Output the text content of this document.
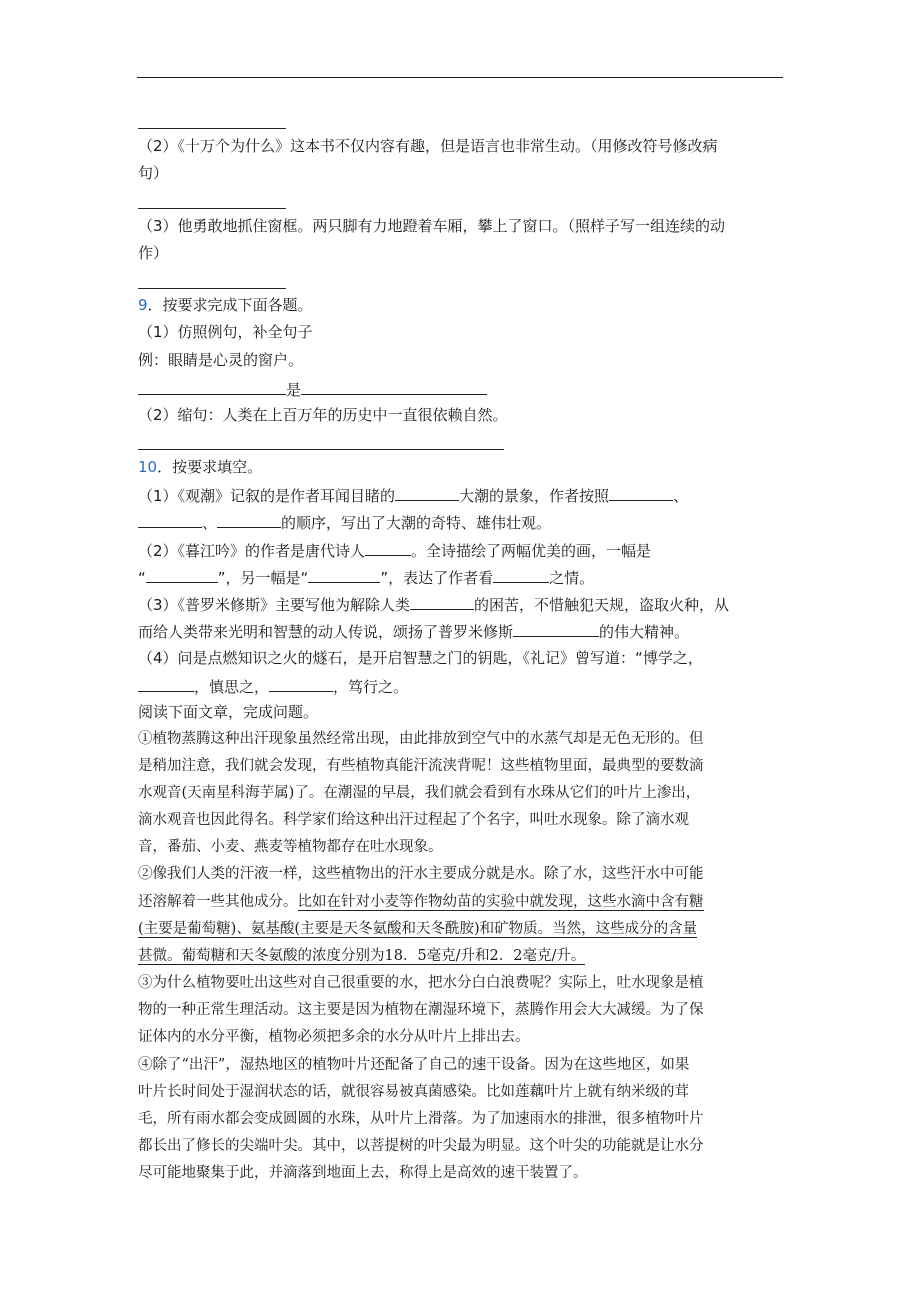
（2）《十万个为什么》这本书不仅内容有趣，但是语言也非常生动。（用修改符号修改病
句）
（3）他勇敢地抓住窗框。两只脚有力地蹬着车厢，攀上了窗口。（照样子写一组连续的动
作）
9．按要求完成下面各题。
（1）仿照例句，补全句子
例：眼睛是心灵的窗户。
是
（2）缩句：人类在上百万年的历史中一直很依赖自然。
10．按要求填空。
（1）《观潮》记叙的是作者耳闻目睹的	大潮的景象，作者按照	、
、	的顺序，写出了大潮的奇特、雄伟壮观。
（2）《暮江吟》的作者是唐代诗人	。全诗描绘了两幅优美的画，一幅是
“	”，另一幅是“	”，表达了作者看	之情。
（3）《普罗米修斯》主要写他为解除人类	的困苦，不惜触犯天规，盗取火种，从
而给人类带来光明和智慧的动人传说，颂扬了普罗米修斯	的伟大精神。
（4）问是点燃知识之火的燧石，是开启智慧之门的钥匙，《礼记》曾写道：“博学之，
，慎思之，	，笃行之。
阅读下面文章，完成问题。
①植物蒸腾这种出汗现象虽然经常出现，由此排放到空气中的水蒸气却是无色无形的。但
是稍加注意，我们就会发现，有些植物真能汗流浃背呢！这些植物里面，最典型的要数滴
水观音(天南星科海芋属)了。在潮湿的早晨，我们就会看到有水珠从它们的叶片上渗出，
滴水观音也因此得名。科学家们给这种出汗过程起了个名字，叫吐水现象。除了滴水观
音，番茄、小麦、燕麦等植物都存在吐水现象。
②像我们人类的汗液一样，这些植物出的汗水主要成分就是水。除了水，这些汗水中可能
还溶解着一些其他成分。比如在针对小麦等作物幼苗的实验中就发现，这些水滴中含有糖
(主要是葡萄糖)、氨基酸(主要是天冬氨酸和天冬酰胺)和矿物质。当然，这些成分的含量
甚微。葡萄糖和天冬氨酸的浓度分别为18．5毫克/升和2．2毫克/升。
③为什么植物要吐出这些对自己很重要的水，把水分白白浪费呢？实际上，吐水现象是植
物的一种正常生理活动。这主要是因为植物在潮湿环境下，蒸腾作用会大大减缓。为了保
证体内的水分平衡，植物必须把多余的水分从叶片上排出去。
④除了“出汗”，湿热地区的植物叶片还配备了自己的速干设备。因为在这些地区，如果
叶片长时间处于湿润状态的话，就很容易被真菌感染。比如莲藕叶片上就有纳米级的茸
毛，所有雨水都会变成圆圆的水珠，从叶片上滑落。为了加速雨水的排泄，很多植物叶片
都长出了修长的尖端叶尖。其中，以菩提树的叶尖最为明显。这个叶尖的功能就是让水分
尽可能地聚集于此，并滴落到地面上去，称得上是高效的速干装置了。
